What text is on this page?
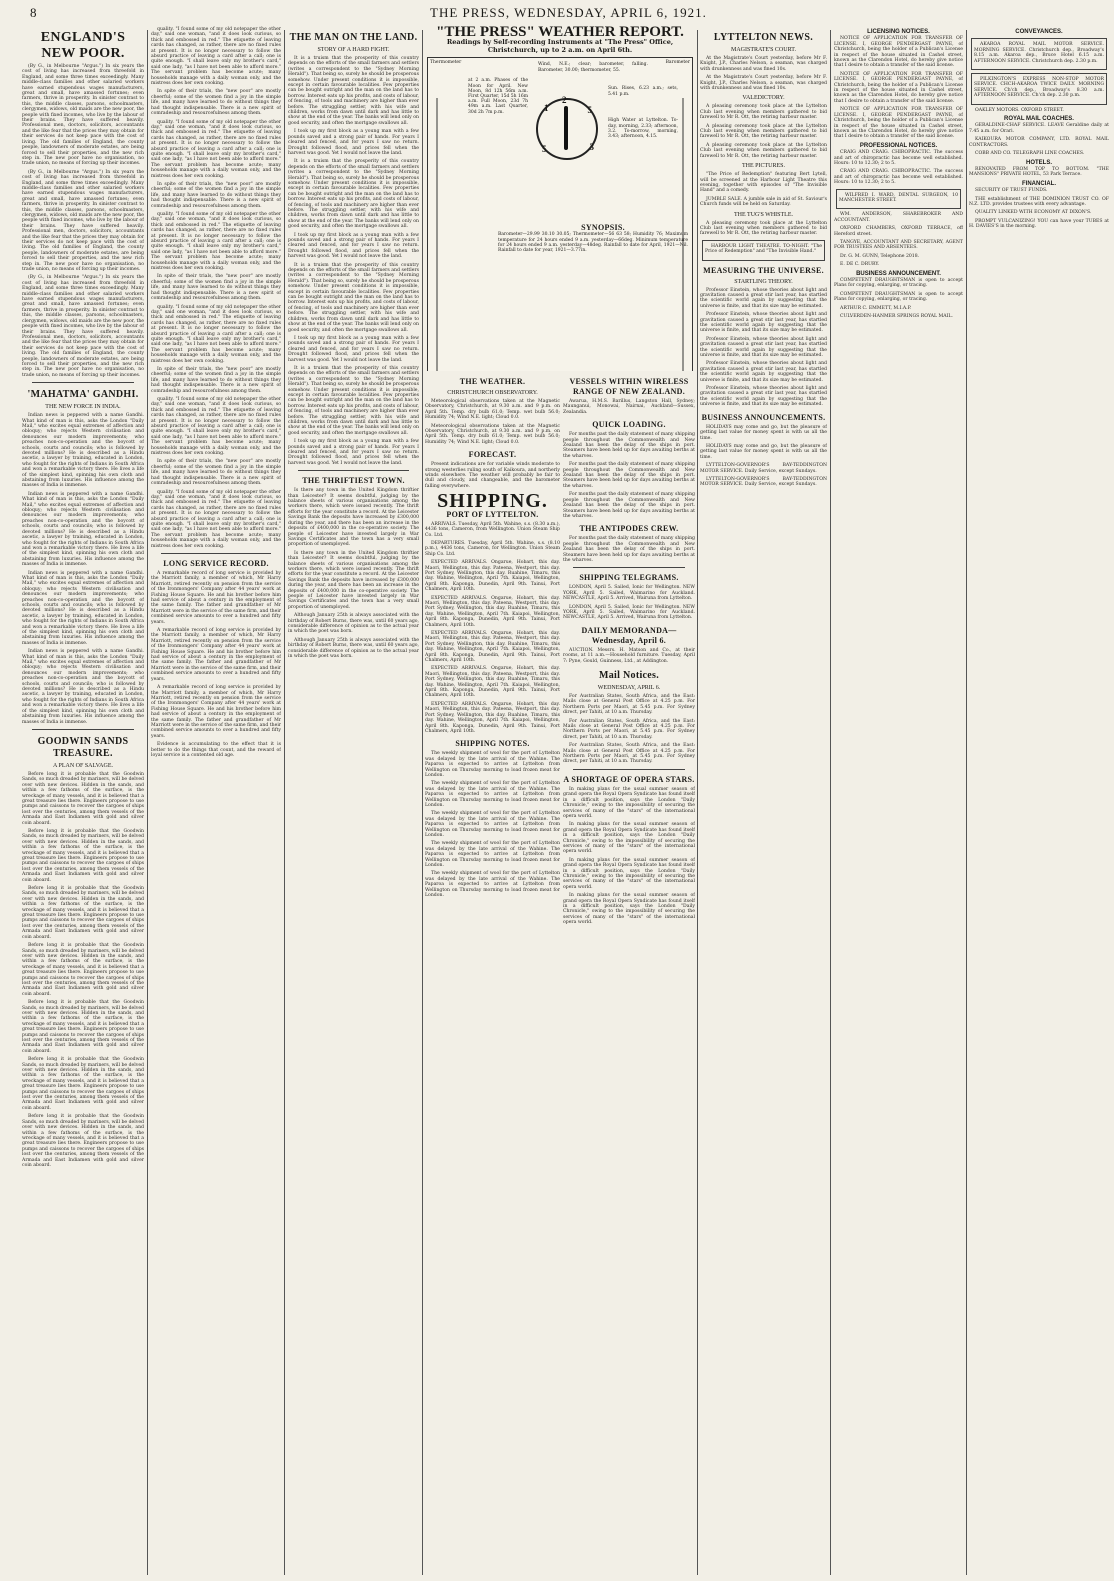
8	THE PRESS, WEDNESDAY, APRIL 6, 1921.
ENGLAND'S NEW POOR.

(By G., in Melbourne "Argus.") In six years the cost of living has increased from threefold in England, and some three times exceedingly. Many middle-class families and other salaried workers have earned stupendous wages manufacturers, great and small, have amassed fortunes; even farmers, thrive in prosperity. In sinister contrast to this, the middle classes, parsons, schoolmasters, clergymen, widows, old maids are the new poor, the people with fixed incomes, who live by the labour of their brains. They have suffered heavily. Professional men, doctors, solicitors, accountants and the like fear that the prices they may obtain for their services do not keep pace with the cost of living. The old families of England, the county people, landowners of moderate estates, are being forced to sell their properties, and the new rich step in. The new poor have no organisation, no trade union, no means of forcing up their incomes.

(By G., in Melbourne "Argus.") In six years the cost of living has increased from threefold in England, and some three times exceedingly. Many middle-class families and other salaried workers have earned stupendous wages manufacturers, great and small, have amassed fortunes; even farmers, thrive in prosperity. In sinister contrast to this, the middle classes, parsons, schoolmasters, clergymen, widows, old maids are the new poor, the people with fixed incomes, who live by the labour of their brains. They have suffered heavily. Professional men, doctors, solicitors, accountants and the like fear that the prices they may obtain for their services do not keep pace with the cost of living. The old families of England, the county people, landowners of moderate estates, are being forced to sell their properties, and the new rich step in. The new poor have no organisation, no trade union, no means of forcing up their incomes.

(By G., in Melbourne "Argus.") In six years the cost of living has increased from threefold in England, and some three times exceedingly. Many middle-class families and other salaried workers have earned stupendous wages manufacturers, great and small, have amassed fortunes; even farmers, thrive in prosperity. In sinister contrast to this, the middle classes, parsons, schoolmasters, clergymen, widows, old maids are the new poor, the people with fixed incomes, who live by the labour of their brains. They have suffered heavily. Professional men, doctors, solicitors, accountants and the like fear that the prices they may obtain for their services do not keep pace with the cost of living. The old families of England, the county people, landowners of moderate estates, are being forced to sell their properties, and the new rich step in. The new poor have no organisation, no trade union, no means of forcing up their incomes.

'MAHATMA' GANDHI.
THE NEW FORCE IN INDIA.

Indian news is peppered with a name Gandhi. What kind of man is this, asks the London "Daily Mail," who excites equal extremes of affection and obloquy; who rejects Western civilisation and denounces our modern improvements; who preaches non-co-operation and the boycott of schools, courts and councils; who is followed by devoted millions? He is described as a Hindu ascetic, a lawyer by training, educated in London, who fought for the rights of Indians in South Africa and won a remarkable victory there. He lives a life of the simplest kind, spinning his own cloth and abstaining from luxuries. His influence among the masses of India is immense.

Indian news is peppered with a name Gandhi. What kind of man is this, asks the London "Daily Mail," who excites equal extremes of affection and obloquy; who rejects Western civilisation and denounces our modern improvements; who preaches non-co-operation and the boycott of schools, courts and councils; who is followed by devoted millions? He is described as a Hindu ascetic, a lawyer by training, educated in London, who fought for the rights of Indians in South Africa and won a remarkable victory there. He lives a life of the simplest kind, spinning his own cloth and abstaining from luxuries. His influence among the masses of India is immense.

Indian news is peppered with a name Gandhi. What kind of man is this, asks the London "Daily Mail," who excites equal extremes of affection and obloquy; who rejects Western civilisation and denounces our modern improvements; who preaches non-co-operation and the boycott of schools, courts and councils; who is followed by devoted millions? He is described as a Hindu ascetic, a lawyer by training, educated in London, who fought for the rights of Indians in South Africa and won a remarkable victory there. He lives a life of the simplest kind, spinning his own cloth and abstaining from luxuries. His influence among the masses of India is immense.

Indian news is peppered with a name Gandhi. What kind of man is this, asks the London "Daily Mail," who excites equal extremes of affection and obloquy; who rejects Western civilisation and denounces our modern improvements; who preaches non-co-operation and the boycott of schools, courts and councils; who is followed by devoted millions? He is described as a Hindu ascetic, a lawyer by training, educated in London, who fought for the rights of Indians in South Africa and won a remarkable victory there. He lives a life of the simplest kind, spinning his own cloth and abstaining from luxuries. His influence among the masses of India is immense.

GOODWIN SANDS TREASURE.
A PLAN OF SALVAGE.

Before long it is probable that the Goodwin Sands, so much dreaded by mariners, will be delved over with new devices. Hidden in the sands, and within a few fathoms of the surface, is the wreckage of many vessels, and it is believed that a great treasure lies there. Engineers propose to use pumps and caissons to recover the cargoes of ships lost over the centuries, among them vessels of the Armada and East Indiamen with gold and silver coin aboard.

Before long it is probable that the Goodwin Sands, so much dreaded by mariners, will be delved over with new devices. Hidden in the sands, and within a few fathoms of the surface, is the wreckage of many vessels, and it is believed that a great treasure lies there. Engineers propose to use pumps and caissons to recover the cargoes of ships lost over the centuries, among them vessels of the Armada and East Indiamen with gold and silver coin aboard.

Before long it is probable that the Goodwin Sands, so much dreaded by mariners, will be delved over with new devices. Hidden in the sands, and within a few fathoms of the surface, is the wreckage of many vessels, and it is believed that a great treasure lies there. Engineers propose to use pumps and caissons to recover the cargoes of ships lost over the centuries, among them vessels of the Armada and East Indiamen with gold and silver coin aboard.

Before long it is probable that the Goodwin Sands, so much dreaded by mariners, will be delved over with new devices. Hidden in the sands, and within a few fathoms of the surface, is the wreckage of many vessels, and it is believed that a great treasure lies there. Engineers propose to use pumps and caissons to recover the cargoes of ships lost over the centuries, among them vessels of the Armada and East Indiamen with gold and silver coin aboard.

Before long it is probable that the Goodwin Sands, so much dreaded by mariners, will be delved over with new devices. Hidden in the sands, and within a few fathoms of the surface, is the wreckage of many vessels, and it is believed that a great treasure lies there. Engineers propose to use pumps and caissons to recover the cargoes of ships lost over the centuries, among them vessels of the Armada and East Indiamen with gold and silver coin aboard.

Before long it is probable that the Goodwin Sands, so much dreaded by mariners, will be delved over with new devices. Hidden in the sands, and within a few fathoms of the surface, is the wreckage of many vessels, and it is believed that a great treasure lies there. Engineers propose to use pumps and caissons to recover the cargoes of ships lost over the centuries, among them vessels of the Armada and East Indiamen with gold and silver coin aboard.

Before long it is probable that the Goodwin Sands, so much dreaded by mariners, will be delved over with new devices. Hidden in the sands, and within a few fathoms of the surface, is the wreckage of many vessels, and it is believed that a great treasure lies there. Engineers propose to use pumps and caissons to recover the cargoes of ships lost over the centuries, among them vessels of the Armada and East Indiamen with gold and silver coin aboard.

quality. "I found some of my old notepaper the other day," said one woman, "and it does look curious, so thick and embossed in red." The etiquette of leaving cards has changed, as rather, there are no fixed rules at present. It is no longer necessary to follow the absurd practice of leaving a card after a call; one is quite enough. "I shall leave only my brother's card," said one lady, "as I have not been able to afford more." The servant problem has become acute; many households manage with a daily woman only, and the mistress does her own cooking.

In spite of their trials, the "new poor" are mostly cheerful; some of the women find a joy in the simple life, and many have learned to do without things they had thought indispensable. There is a new spirit of comradeship and resourcefulness among them.

quality. "I found some of my old notepaper the other day," said one woman, "and it does look curious, so thick and embossed in red." The etiquette of leaving cards has changed, as rather, there are no fixed rules at present. It is no longer necessary to follow the absurd practice of leaving a card after a call; one is quite enough. "I shall leave only my brother's card," said one lady, "as I have not been able to afford more." The servant problem has become acute; many households manage with a daily woman only, and the mistress does her own cooking.

In spite of their trials, the "new poor" are mostly cheerful; some of the women find a joy in the simple life, and many have learned to do without things they had thought indispensable. There is a new spirit of comradeship and resourcefulness among them.

quality. "I found some of my old notepaper the other day," said one woman, "and it does look curious, so thick and embossed in red." The etiquette of leaving cards has changed, as rather, there are no fixed rules at present. It is no longer necessary to follow the absurd practice of leaving a card after a call; one is quite enough. "I shall leave only my brother's card," said one lady, "as I have not been able to afford more." The servant problem has become acute; many households manage with a daily woman only, and the mistress does her own cooking.

In spite of their trials, the "new poor" are mostly cheerful; some of the women find a joy in the simple life, and many have learned to do without things they had thought indispensable. There is a new spirit of comradeship and resourcefulness among them.

quality. "I found some of my old notepaper the other day," said one woman, "and it does look curious, so thick and embossed in red." The etiquette of leaving cards has changed, as rather, there are no fixed rules at present. It is no longer necessary to follow the absurd practice of leaving a card after a call; one is quite enough. "I shall leave only my brother's card," said one lady, "as I have not been able to afford more." The servant problem has become acute; many households manage with a daily woman only, and the mistress does her own cooking.

In spite of their trials, the "new poor" are mostly cheerful; some of the women find a joy in the simple life, and many have learned to do without things they had thought indispensable. There is a new spirit of comradeship and resourcefulness among them.

quality. "I found some of my old notepaper the other day," said one woman, "and it does look curious, so thick and embossed in red." The etiquette of leaving cards has changed, as rather, there are no fixed rules at present. It is no longer necessary to follow the absurd practice of leaving a card after a call; one is quite enough. "I shall leave only my brother's card," said one lady, "as I have not been able to afford more." The servant problem has become acute; many households manage with a daily woman only, and the mistress does her own cooking.

In spite of their trials, the "new poor" are mostly cheerful; some of the women find a joy in the simple life, and many have learned to do without things they had thought indispensable. There is a new spirit of comradeship and resourcefulness among them.

quality. "I found some of my old notepaper the other day," said one woman, "and it does look curious, so thick and embossed in red." The etiquette of leaving cards has changed, as rather, there are no fixed rules at present. It is no longer necessary to follow the absurd practice of leaving a card after a call; one is quite enough. "I shall leave only my brother's card," said one lady, "as I have not been able to afford more." The servant problem has become acute; many households manage with a daily woman only, and the mistress does her own cooking.

LONG SERVICE RECORD.

A remarkable record of long service is provided by the Marriott family, a member of which, Mr Harry Marriott, retired recently on pension from the service of the Ironmongers' Company after 44 years' work at Fishing House Square. He and his brother before him had service of about a century in the employment of the same family. The father and grandfather of Mr Marriott were in the service of the same firm, and their combined service amounts to over a hundred and fifty years.

A remarkable record of long service is provided by the Marriott family, a member of which, Mr Harry Marriott, retired recently on pension from the service of the Ironmongers' Company after 44 years' work at Fishing House Square. He and his brother before him had service of about a century in the employment of the same family. The father and grandfather of Mr Marriott were in the service of the same firm, and their combined service amounts to over a hundred and fifty years.

A remarkable record of long service is provided by the Marriott family, a member of which, Mr Harry Marriott, retired recently on pension from the service of the Ironmongers' Company after 44 years' work at Fishing House Square. He and his brother before him had service of about a century in the employment of the same family. The father and grandfather of Mr Marriott were in the service of the same firm, and their combined service amounts to over a hundred and fifty years.

Evidence is accumulating to the effect that it is better to do the things that count, and the reward of loyal service is a contented old age.

THE MAN ON THE LAND.
STORY OF A HARD FIGHT.

It is a truism that the prosperity of this country depends on the efforts of the small farmers and settlers (writes a correspondent to the "Sydney Morning Herald"). That being so, surely he should be prosperous somehow. Under present conditions it is impossible, except in certain favourable localities. Few properties can be bought outright and the man on the land has to borrow. Interest eats up his profits, and costs of labour, of fencing, of tools and machinery are higher than ever before. The struggling settler, with his wife and children, works from dawn until dark and has little to show at the end of the year. The banks will lend only on good security, and often the mortgage swallows all.

I took up my first block as a young man with a few pounds saved and a strong pair of hands. For years I cleared and fenced, and for years I saw no return. Drought followed flood, and prices fell when the harvest was good. Yet I would not leave the land.

It is a truism that the prosperity of this country depends on the efforts of the small farmers and settlers (writes a correspondent to the "Sydney Morning Herald"). That being so, surely he should be prosperous somehow. Under present conditions it is impossible, except in certain favourable localities. Few properties can be bought outright and the man on the land has to borrow. Interest eats up his profits, and costs of labour, of fencing, of tools and machinery are higher than ever before. The struggling settler, with his wife and children, works from dawn until dark and has little to show at the end of the year. The banks will lend only on good security, and often the mortgage swallows all.

I took up my first block as a young man with a few pounds saved and a strong pair of hands. For years I cleared and fenced, and for years I saw no return. Drought followed flood, and prices fell when the harvest was good. Yet I would not leave the land.

It is a truism that the prosperity of this country depends on the efforts of the small farmers and settlers (writes a correspondent to the "Sydney Morning Herald"). That being so, surely he should be prosperous somehow. Under present conditions it is impossible, except in certain favourable localities. Few properties can be bought outright and the man on the land has to borrow. Interest eats up his profits, and costs of labour, of fencing, of tools and machinery are higher than ever before. The struggling settler, with his wife and children, works from dawn until dark and has little to show at the end of the year. The banks will lend only on good security, and often the mortgage swallows all.

I took up my first block as a young man with a few pounds saved and a strong pair of hands. For years I cleared and fenced, and for years I saw no return. Drought followed flood, and prices fell when the harvest was good. Yet I would not leave the land.

It is a truism that the prosperity of this country depends on the efforts of the small farmers and settlers (writes a correspondent to the "Sydney Morning Herald"). That being so, surely he should be prosperous somehow. Under present conditions it is impossible, except in certain favourable localities. Few properties can be bought outright and the man on the land has to borrow. Interest eats up his profits, and costs of labour, of fencing, of tools and machinery are higher than ever before. The struggling settler, with his wife and children, works from dawn until dark and has little to show at the end of the year. The banks will lend only on good security, and often the mortgage swallows all.

I took up my first block as a young man with a few pounds saved and a strong pair of hands. For years I cleared and fenced, and for years I saw no return. Drought followed flood, and prices fell when the harvest was good. Yet I would not leave the land.

THE THRIFTIEST TOWN.

Is there any town in the United Kingdom thriftier than Leicester? It seems doubtful, judging by the balance sheets of various organisations among the workers there, which were issued recently. The thrift efforts for the year constitute a record. At the Leicester Savings Bank the deposits have increased by £300,000 during the year, and there has been an increase in the deposits of £400,000 in the co-operative society. The people of Leicester have invested largely in War Savings Certificates and the town has a very small proportion of unemployed.

Is there any town in the United Kingdom thriftier than Leicester? It seems doubtful, judging by the balance sheets of various organisations among the workers there, which were issued recently. The thrift efforts for the year constitute a record. At the Leicester Savings Bank the deposits have increased by £300,000 during the year, and there has been an increase in the deposits of £400,000 in the co-operative society. The people of Leicester have invested largely in War Savings Certificates and the town has a very small proportion of unemployed.

Although January 25th is always associated with the birthday of Robert Burns, there was, until 60 years ago, considerable difference of opinion as to the actual year in which the poet was born.

Although January 25th is always associated with the birthday of Robert Burns, there was, until 60 years ago, considerable difference of opinion as to the actual year in which the poet was born.

"THE PRESS" WEATHER REPORT.
Readings by Self-recording Instruments at "The Press" Office, Christchurch, up to 2 a.m. on April 6th.
Thermometer	Barometer
at 2 a.m. Phases of the Moon for April. New Moon, 8d 12h 56m a.m. First Quarter, 15d 5h 16m a.m. Full Moon, 23d 7h 49m a.m. Last Quarter, 30d 2h 7m p.m.
Wind, N.E.; clear; barometer, falling. Barometer, 30.00; thermometer, 55.
Sun. Rises, 6.23 a.m.; sets, 5.41 p.m.
High Water at Lyttelton. To-day, morning, 2.33; afternoon, 3.2. To-morrow, morning, 3.43; afternoon, 4.15.
1
2
5
3
5
SYNOPSIS.
Barometer—29.99 30.10 30.05; Thermometer—56 63 58; Humidity 76; Maximum temperature for 24 hours ended 9 a.m. yesterday—66deg. Minimum temperature for 24 hours ended 9 a.m. yesterday—48deg. Rainfall to date for April, 1921—Nil. Rainfall to date for year, 1921—3.77in.
THE WEATHER.
CHRISTCHURCH OBSERVATORY.

Meteorological observations taken at the Magnetic Observatory, Christchurch, at 9.30 a.m. and 9 p.m. on April 5th. Temp. dry bulb 61.0; Temp. wet bulb 56.0; Humidity 74; Wind N.E. light; Cloud 0.0.

Meteorological observations taken at the Magnetic Observatory, Christchurch, at 9.30 a.m. and 9 p.m. on April 5th. Temp. dry bulb 61.0; Temp. wet bulb 56.0; Humidity 74; Wind N.E. light; Cloud 0.0.

FORECAST.

Present indications are for variable winds moderate to strong westerlies ruling south of Kaikoura, and northerly winds elsewhere. The weather will probably be fair to dull and cloudy, and changeable, and the barometer falling everywhere.

SHIPPING.
PORT OF LYTTELTON.

ARRIVALS. Tuesday, April 5th. Wahine, s.s. (8.30 a.m.), 4436 tons, Cameron, from Wellington. Union Steam Ship Co. Ltd.

DEPARTURES. Tuesday, April 5th. Wahine, s.s. (8.10 p.m.), 4436 tons, Cameron, for Wellington. Union Steam Ship Co. Ltd.

EXPECTED ARRIVALS. Ongarue, Hobart, this day. Maori, Wellington, this day. Pateena, Westport, this day. Port Sydney, Wellington, this day. Ruahine, Timaru, this day. Wahine, Wellington, April 7th. Kaiapoi, Wellington, April 8th. Kaponga, Dunedin, April 9th. Tainui, Port Chalmers, April 10th.

EXPECTED ARRIVALS. Ongarue, Hobart, this day. Maori, Wellington, this day. Pateena, Westport, this day. Port Sydney, Wellington, this day. Ruahine, Timaru, this day. Wahine, Wellington, April 7th. Kaiapoi, Wellington, April 8th. Kaponga, Dunedin, April 9th. Tainui, Port Chalmers, April 10th.

EXPECTED ARRIVALS. Ongarue, Hobart, this day. Maori, Wellington, this day. Pateena, Westport, this day. Port Sydney, Wellington, this day. Ruahine, Timaru, this day. Wahine, Wellington, April 7th. Kaiapoi, Wellington, April 8th. Kaponga, Dunedin, April 9th. Tainui, Port Chalmers, April 10th.

EXPECTED ARRIVALS. Ongarue, Hobart, this day. Maori, Wellington, this day. Pateena, Westport, this day. Port Sydney, Wellington, this day. Ruahine, Timaru, this day. Wahine, Wellington, April 7th. Kaiapoi, Wellington, April 8th. Kaponga, Dunedin, April 9th. Tainui, Port Chalmers, April 10th.

EXPECTED ARRIVALS. Ongarue, Hobart, this day. Maori, Wellington, this day. Pateena, Westport, this day. Port Sydney, Wellington, this day. Ruahine, Timaru, this day. Wahine, Wellington, April 7th. Kaiapoi, Wellington, April 8th. Kaponga, Dunedin, April 9th. Tainui, Port Chalmers, April 10th.

SHIPPING NOTES.

The weekly shipment of wool for the port of Lyttelton was delayed by the late arrival of the Wahine. The Paparoa is expected to arrive at Lyttelton from Wellington on Thursday morning to load frozen meat for London.

The weekly shipment of wool for the port of Lyttelton was delayed by the late arrival of the Wahine. The Paparoa is expected to arrive at Lyttelton from Wellington on Thursday morning to load frozen meat for London.

The weekly shipment of wool for the port of Lyttelton was delayed by the late arrival of the Wahine. The Paparoa is expected to arrive at Lyttelton from Wellington on Thursday morning to load frozen meat for London.

The weekly shipment of wool for the port of Lyttelton was delayed by the late arrival of the Wahine. The Paparoa is expected to arrive at Lyttelton from Wellington on Thursday morning to load frozen meat for London.

The weekly shipment of wool for the port of Lyttelton was delayed by the late arrival of the Wahine. The Paparoa is expected to arrive at Lyttelton from Wellington on Thursday morning to load frozen meat for London.

VESSELS WITHIN WIRELESS RANGE OF NEW ZEALAND.

Awarua, H.M.S. Barillus, Langston Hall, Sydney; Maunganui, Monowai, Nairnai, Auckland—Sussex, Zealandia.

QUICK LOADING.

For months past the daily statement of many shipping people throughout the Commonwealth and New Zealand has been the delay of the ships in port. Steamers have been held up for days awaiting berths at the wharves.

For months past the daily statement of many shipping people throughout the Commonwealth and New Zealand has been the delay of the ships in port. Steamers have been held up for days awaiting berths at the wharves.

For months past the daily statement of many shipping people throughout the Commonwealth and New Zealand has been the delay of the ships in port. Steamers have been held up for days awaiting berths at the wharves.

THE ANTIPODES CREW.

For months past the daily statement of many shipping people throughout the Commonwealth and New Zealand has been the delay of the ships in port. Steamers have been held up for days awaiting berths at the wharves.

SHIPPING TELEGRAMS.

LONDON, April 5. Sailed, Ionic for Wellington. NEW YORK, April 5. Sailed, Waimarino for Auckland. NEWCASTLE, April 5. Arrived, Wairuna from Lyttelton.

LONDON, April 5. Sailed, Ionic for Wellington. NEW YORK, April 5. Sailed, Waimarino for Auckland. NEWCASTLE, April 5. Arrived, Wairuna from Lyttelton.

DAILY MEMORANDA—Wednesday, April 6.

AUCTION. Messrs. H. Matson and Co., at their rooms, at 11 a.m.—Household furniture. Tuesday, April 7: Pyne, Gould, Guinness, Ltd., at Addington.

Mail Notices.
WEDNESDAY, APRIL 6.

For Australian States, South Africa, and the East: Mails close at General Post Office at 4.25 p.m. For Northern Ports per Maori, at 5.45 p.m. For Sydney direct, per Tahiti, at 10 a.m. Thursday.

For Australian States, South Africa, and the East: Mails close at General Post Office at 4.25 p.m. For Northern Ports per Maori, at 5.45 p.m. For Sydney direct, per Tahiti, at 10 a.m. Thursday.

For Australian States, South Africa, and the East: Mails close at General Post Office at 4.25 p.m. For Northern Ports per Maori, at 5.45 p.m. For Sydney direct, per Tahiti, at 10 a.m. Thursday.

A SHORTAGE OF OPERA STARS.

In making plans for the usual summer season of grand opera the Royal Opera Syndicate has found itself in a difficult position, says the London "Daily Chronicle," owing to the impossibility of securing the services of many of the "stars" of the international opera world.

In making plans for the usual summer season of grand opera the Royal Opera Syndicate has found itself in a difficult position, says the London "Daily Chronicle," owing to the impossibility of securing the services of many of the "stars" of the international opera world.

In making plans for the usual summer season of grand opera the Royal Opera Syndicate has found itself in a difficult position, says the London "Daily Chronicle," owing to the impossibility of securing the services of many of the "stars" of the international opera world.

In making plans for the usual summer season of grand opera the Royal Opera Syndicate has found itself in a difficult position, says the London "Daily Chronicle," owing to the impossibility of securing the services of many of the "stars" of the international opera world.

LYTTELTON NEWS.
MAGISTRATE'S COURT.

At the Magistrate's Court yesterday, before Mr F. Knight, J.P., Charles Nelson, a seaman, was charged with drunkenness and was fined 10s.

At the Magistrate's Court yesterday, before Mr F. Knight, J.P., Charles Nelson, a seaman, was charged with drunkenness and was fined 10s.

VALEDICTORY.

A pleasing ceremony took place at the Lyttelton Club last evening when members gathered to bid farewell to Mr R. Ott, the retiring harbour master.

A pleasing ceremony took place at the Lyttelton Club last evening when members gathered to bid farewell to Mr R. Ott, the retiring harbour master.

A pleasing ceremony took place at the Lyttelton Club last evening when members gathered to bid farewell to Mr R. Ott, the retiring harbour master.

THE PICTURES.

"The Price of Redemption" featuring Bert Lytell, will be screened at the Harbour Light Theatre this evening, together with episodes of "The Invisible Hand" and a comedy.

JUMBLE SALE. A jumble sale in aid of St. Saviour's Church funds will be held on Saturday.

THE TUG'S WHISTLE.

A pleasing ceremony took place at the Lyttelton Club last evening when members gathered to bid farewell to Mr R. Ott, the retiring harbour master.

HARBOUR LIGHT THEATRE. TO-NIGHT. "The Price of Redemption" and "The Invisible Hand."

MEASURING THE UNIVERSE.
STARTLING THEORY.

Professor Einstein, whose theories about light and gravitation caused a great stir last year, has startled the scientific world again by suggesting that the universe is finite, and that its size may be estimated.

Professor Einstein, whose theories about light and gravitation caused a great stir last year, has startled the scientific world again by suggesting that the universe is finite, and that its size may be estimated.

Professor Einstein, whose theories about light and gravitation caused a great stir last year, has startled the scientific world again by suggesting that the universe is finite, and that its size may be estimated.

Professor Einstein, whose theories about light and gravitation caused a great stir last year, has startled the scientific world again by suggesting that the universe is finite, and that its size may be estimated.

Professor Einstein, whose theories about light and gravitation caused a great stir last year, has startled the scientific world again by suggesting that the universe is finite, and that its size may be estimated.

BUSINESS ANNOUNCEMENTS.

HOLIDAYS may come and go, but the pleasure of getting last value for money spent is with us all the time.

HOLIDAYS may come and go, but the pleasure of getting last value for money spent is with us all the time.

LYTTELTON-GOVERNOR'S BAY-TEDDINGTON MOTOR SERVICE. Daily Service, except Sundays.

LYTTELTON-GOVERNOR'S BAY-TEDDINGTON MOTOR SERVICE. Daily Service, except Sundays.

LICENSING NOTICES.

NOTICE OF APPLICATION FOR TRANSFER OF LICENSE. I, GEORGE PENDERGAST PAYNE, of Christchurch, being the holder of a Publican's License in respect of the house situated in Cashel street, known as the Clarendon Hotel, do hereby give notice that I desire to obtain a transfer of the said license.

NOTICE OF APPLICATION FOR TRANSFER OF LICENSE. I, GEORGE PENDERGAST PAYNE, of Christchurch, being the holder of a Publican's License in respect of the house situated in Cashel street, known as the Clarendon Hotel, do hereby give notice that I desire to obtain a transfer of the said license.

NOTICE OF APPLICATION FOR TRANSFER OF LICENSE. I, GEORGE PENDERGAST PAYNE, of Christchurch, being the holder of a Publican's License in respect of the house situated in Cashel street, known as the Clarendon Hotel, do hereby give notice that I desire to obtain a transfer of the said license.

PROFESSIONAL NOTICES.

CRAIG AND CRAIG. CHIROPRACTIC. The success and art of chiropractic has become well established. Hours: 10 to 12.30; 2 to 5.

CRAIG AND CRAIG. CHIROPRACTIC. The success and art of chiropractic has become well established. Hours: 10 to 12.30; 2 to 5.

WILFRED I. WARD, DENTAL SURGEON, 10 MANCHESTER STREET.

WM. ANDERSON, SHAREBROKER AND ACCOUNTANT.

OXFORD CHAMBERS, OXFORD TERRACE, off Hereford street.

TANGYE, ACCOUNTANT AND SECRETARY, AGENT FOR TRUSTEES AND ABSENTEES.

Dr. G. M. GUNN, Telephone 2018.

E. DE C. DRURY.

BUSINESS ANNOUNCEMENT.

COMPETENT DRAUGHTSMAN is open to accept Plans for copying, enlarging, or tracing.

COMPETENT DRAUGHTSMAN is open to accept Plans for copying, enlarging, or tracing.

ARTHUR C. EMMETT, M.I.A.P.

CULVERDEN-HANMER SPRINGS ROYAL MAIL.

CONVEYANCES.

AKAROA ROYAL MAIL MOTOR SERVICE. MORNING SERVICE. Christchurch dep., Broadway's 8.15 a.m. Akaroa dep., Bruce Hotel 6.15 a.m. AFTERNOON SERVICE. Christchurch dep. 2.30 p.m.

PILKINGTON'S EXPRESS NON-STOP MOTOR SERVICE. CHCH-AKAROA TWICE DAILY. MORNING SERVICE. Ch'ch dep., Broadway's 8.30 a.m. AFTERNOON SERVICE. Ch'ch dep. 2.30 p.m.

OAKLEY MOTORS. OXFORD STREET.

ROYAL MAIL COACHES.

GERALDINE-CHAF SERVICE. LEAVE Geraldine daily at 7.45 a.m. for Orari.

KAIKOURA MOTOR COMPANY, LTD. ROYAL MAIL CONTRACTORS.

COBB AND CO. TELEGRAPH LINE COACHES.

HOTELS.

RENOVATED FROM TOP TO BOTTOM. "THE MANSIONS" PRIVATE HOTEL, 53 Park Terrace.

FINANCIAL.

SECURITY OF TRUST FUNDS.

THE establishment of THE DOMINION TRUST CO. OF N.Z. LTD. provides trustees with every advantage.

QUALITY LINKED WITH ECONOMY AT DIXON'S.

PROMPT VULCANIZING! YOU can have your TUBES at H. DAVIES'S in the morning.
